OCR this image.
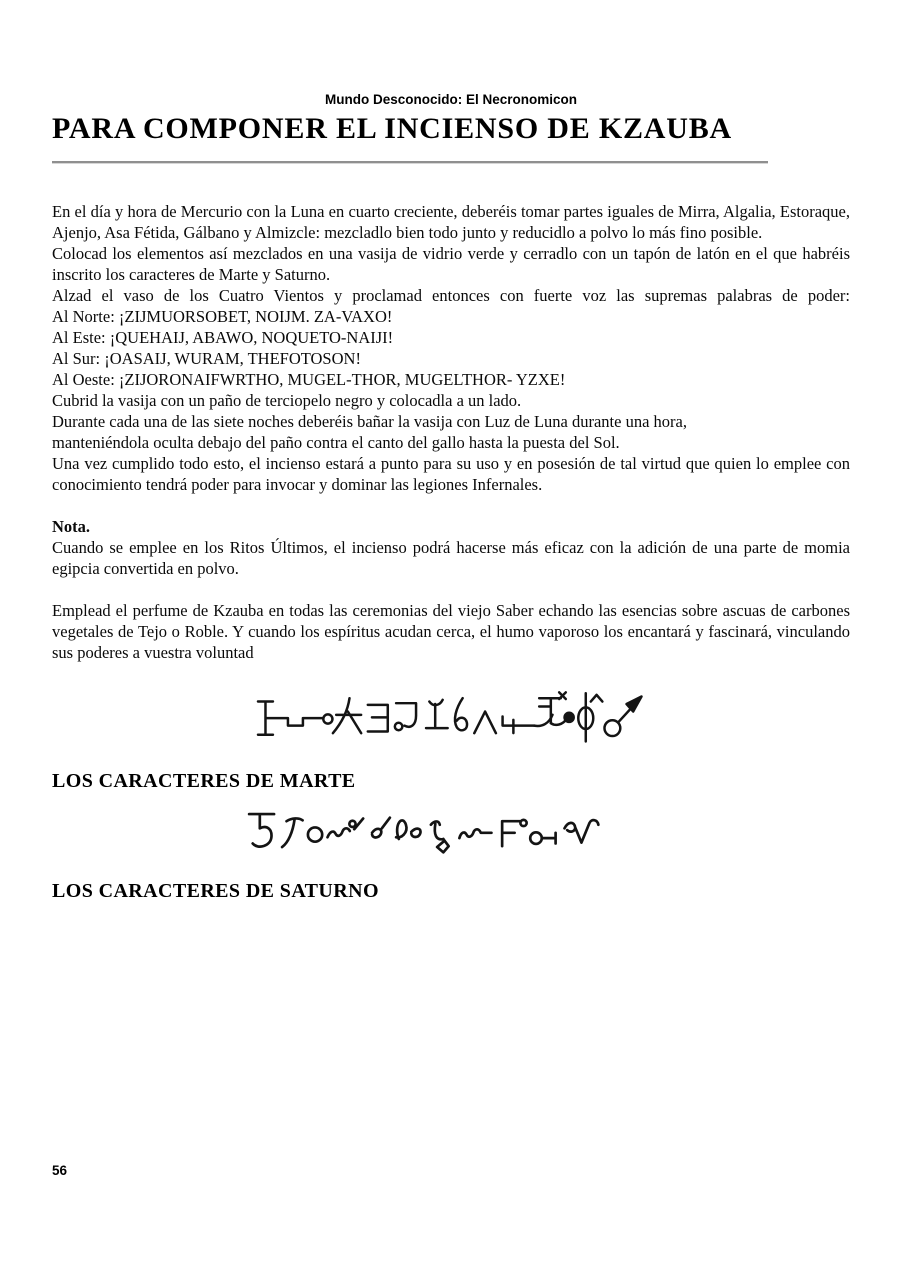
Mundo Desconocido: El Necronomicon
PARA COMPONER EL INCIENSO DE KZAUBA

En el día y hora de Mercurio con la Luna en cuarto creciente, deberéis tomar partes iguales de Mirra, Algalia, Estoraque, Ajenjo, Asa Fétida, Gálbano y Almizcle: mezcladlo bien todo junto y reducidlo a polvo lo más fino posible.

Colocad los elementos así mezclados en una vasija de vidrio verde y cerradlo con un tapón de latón en el que habréis inscrito los caracteres de Marte y Saturno.

Alzad el vaso de los Cuatro Vientos y proclamad entonces con fuerte voz las supremas palabras de poder:

Al Norte: ¡ZIJMUORSOBET, NOIJM. ZA-VAXO!

Al Este: ¡QUEHAIJ, ABAWO, NOQUETO-NAIJI!

Al Sur: ¡OASAIJ, WURAM, THEFOTOSON!

Al Oeste: ¡ZIJORONAIFWRTHO, MUGEL-THOR, MUGELTHOR- YZXE!

Cubrid la vasija con un paño de terciopelo negro y colocadla a un lado.

Durante cada una de las siete noches deberéis bañar la vasija con Luz de Luna durante una hora,

manteniéndola oculta debajo del paño contra el canto del gallo hasta la puesta del Sol.

Una vez cumplido todo esto, el incienso estará a punto para su uso y en posesión de tal virtud que quien lo emplee con conocimiento tendrá poder para invocar y dominar las legiones Infernales.

Nota.

Cuando se emplee en los Ritos Últimos, el incienso podrá hacerse más eficaz con la adición de una parte de momia egipcia convertida en polvo.

Emplead el perfume de Kzauba en todas las ceremonias del viejo Saber echando las esencias sobre ascuas de carbones vegetales de Tejo o Roble. Y cuando los espíritus acudan cerca, el humo vaporoso los encantará y fascinará, vinculando sus poderes a vuestra voluntad

LOS CARACTERES DE MARTE
LOS CARACTERES DE SATURNO
56
